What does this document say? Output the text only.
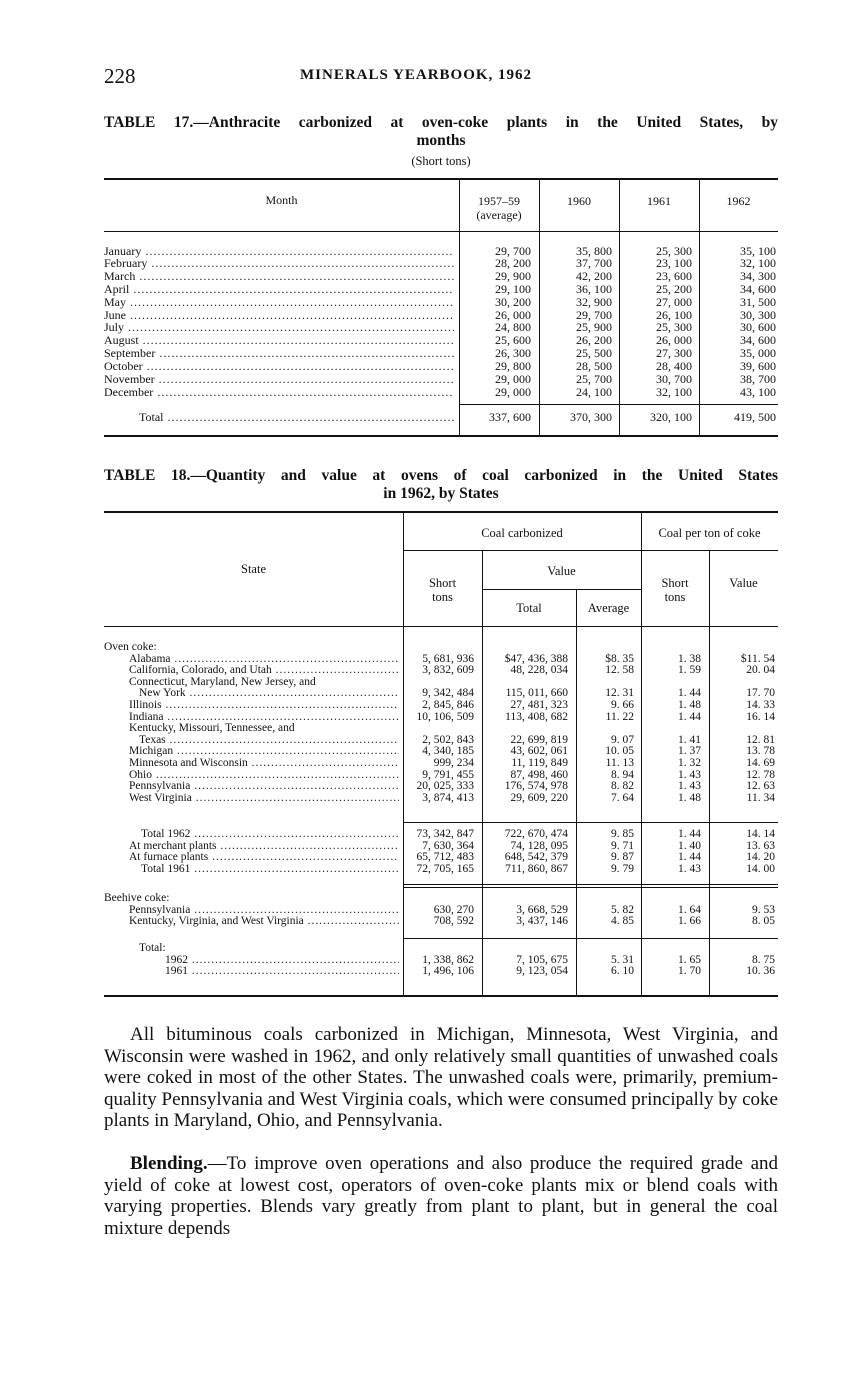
228	MINERALS YEARBOOK, 1962
TABLE 17.—Anthracite carbonized at oven-coke plants in the United States, by
months
(Short tons)
Month	1957–59
(average)
1960	1961	1962
January .....	29, 700	35, 800	25, 300	35, 100
February .....	28, 200	37, 700	23, 100	32, 100
March .....	29, 900	42, 200	23, 600	34, 300
April .....	29, 100	36, 100	25, 200	34, 600
May .....	30, 200	32, 900	27, 000	31, 500
June .....	26, 000	29, 700	26, 100	30, 300
July .....	24, 800	25, 900	25, 300	30, 600
August .....	25, 600	26, 200	26, 000	34, 600
September .....	26, 300	25, 500	27, 300	35, 000
October .....	29, 800	28, 500	28, 400	39, 600
November .....	29, 000	25, 700	30, 700	38, 700
December .....	29, 000	24, 100	32, 100	43, 100
Total .....	337, 600	370, 300	320, 100	419, 500
TABLE 18.—Quantity and value at ovens of coal carbonized in the United States
in 1962, by States
State
Coal carbonized	Coal per ton of coke
Short
tons
Value
Total	Average
Short
tons
Value
Oven coke:
Alabama .....	5, 681, 936	$47, 436, 388	$8. 35	1. 38	$11. 54
California, Colorado, and Utah .....	3, 832, 609	48, 228, 034	12. 58	1. 59	20. 04
Connecticut, Maryland, New Jersey, and
New York .....	9, 342, 484	115, 011, 660	12. 31	1. 44	17. 70
Illinois .....	2, 845, 846	27, 481, 323	9. 66	1. 48	14. 33
Indiana .....	10, 106, 509	113, 408, 682	11. 22	1. 44	16. 14
Kentucky, Missouri, Tennessee, and
Texas .....	2, 502, 843	22, 699, 819	9. 07	1. 41	12. 81
Michigan .....	4, 340, 185	43, 602, 061	10. 05	1. 37	13. 78
Minnesota and Wisconsin .....	999, 234	11, 119, 849	11. 13	1. 32	14. 69
Ohio .....	9, 791, 455	87, 498, 460	8. 94	1. 43	12. 78
Pennsylvania .....	20, 025, 333	176, 574, 978	8. 82	1. 43	12. 63
West Virginia .....	3, 874, 413	29, 609, 220	7. 64	1. 48	11. 34
Total 1962 .....	73, 342, 847	722, 670, 474	9. 85	1. 44	14. 14
At merchant plants .....	7, 630, 364	74, 128, 095	9. 71	1. 40	13. 63
At furnace plants .....	65, 712, 483	648, 542, 379	9. 87	1. 44	14. 20
Total 1961 .....	72, 705, 165	711, 860, 867	9. 79	1. 43	14. 00
Beehive coke:
Pennsylvania .....	630, 270	3, 668, 529	5. 82	1. 64	9. 53
Kentucky, Virginia, and West Virginia .....	708, 592	3, 437, 146	4. 85	1. 66	8. 05
Total:
1962 .....	1, 338, 862	7, 105, 675	5. 31	1. 65	8. 75
1961 .....	1, 496, 106	9, 123, 054	6. 10	1. 70	10. 36
All bituminous coals carbonized in Michigan, Minnesota, West Virginia, and Wisconsin were washed in 1962, and only relatively small quantities of unwashed coals were coked in most of the other States. The unwashed coals were, primarily, premium-quality Pennsylvania and West Virginia coals, which were consumed principally by coke plants in Maryland, Ohio, and Pennsylvania.
Blending.—To improve oven operations and also produce the required grade and yield of coke at lowest cost, operators of oven-coke plants mix or blend coals with varying properties. Blends vary greatly from plant to plant, but in general the coal mixture depends
